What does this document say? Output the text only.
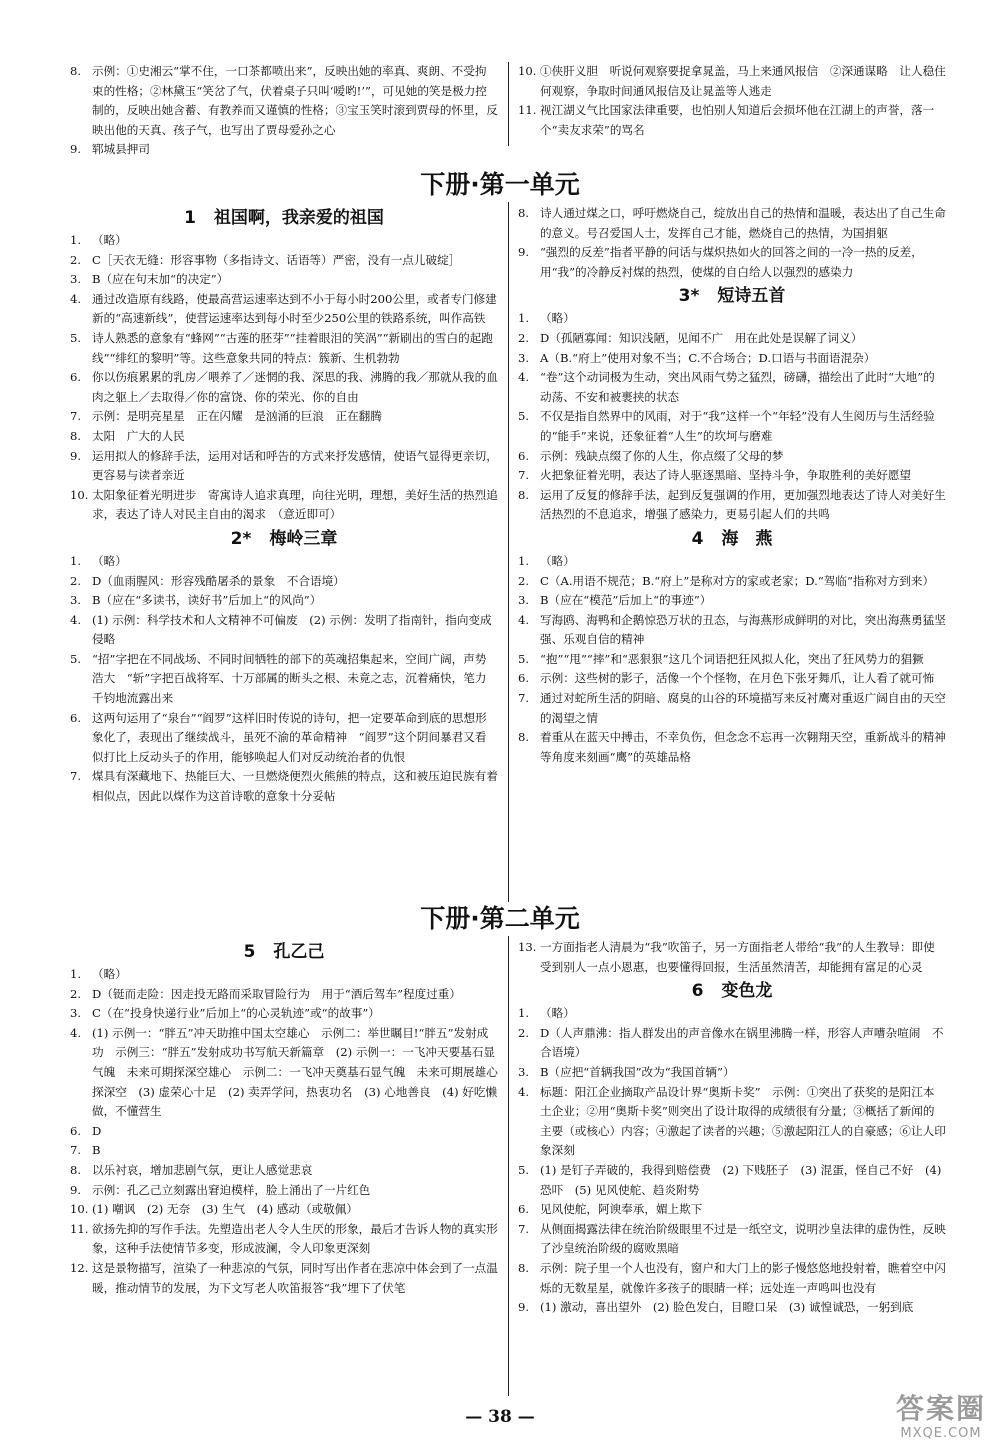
8. 示例：①史湘云“掌不住，一口茶都喷出来”，反映出她的率真、爽朗、不受拘束的性格；②林黛玉“笑岔了气，伏着桌子只叫‘嗳哟!’”，可见她的笑是极力控制的，反映出她含蓄、有教养而又谨慎的性格；③宝玉笑时滚到贾母的怀里，反映出他的天真、孩子气，也写出了贾母爱孙之心
9. 郓城县押司
10. ①侠肝义胆　听说何观察要捉拿晁盖，马上来通风报信　②深通谋略　让人稳住何观察，争取时间通风报信及让晁盖等人逃走
11. 视江湖义气比国家法律重要，也怕别人知道后会损坏他在江湖上的声誉，落一个“卖友求荣”的骂名
下册·第一单元
1 祖国啊，我亲爱的祖国
1. （略）
2. C［天衣无缝：形容事物（多指诗文、话语等）严密，没有一点儿破绽］
3. B（应在句末加“的决定”）
4. 通过改造原有线路，使最高营运速率达到不小于每小时200公里，或者专门修建新的“高速新线”，使营运速率达到每小时至少250公里的铁路系统，叫作高铁
5. 诗人熟悉的意象有“蜂网”“古莲的胚芽”“挂着眼泪的笑涡”“新刷出的雪白的起跑线”“绯红的黎明”等。这些意象共同的特点：簇新、生机勃勃
6. 你以伤痕累累的乳房／喂养了／迷惘的我、深思的我、沸腾的我／那就从我的血肉之躯上／去取得／你的富饶、你的荣光、你的自由
7. 示例：是明亮星星　正在闪耀　是汹涌的巨浪　正在翻腾
8. 太阳　广大的人民
9. 运用拟人的修辞手法，运用对话和呼告的方式来抒发感情，使语气显得更亲切，更容易与读者亲近
10. 太阳象征着光明进步　寄寓诗人追求真理，向往光明，理想，美好生活的热烈追求，表达了诗人对民主自由的渴求　（意近即可）
2* 梅岭三章
1. （略）
2. D（血雨腥风：形容残酷屠杀的景象　不合语境）
3. B（应在“多读书，读好书”后加上“的风尚”）
4. (1) 示例：科学技术和人文精神不可偏废　(2) 示例：发明了指南针，指向变成侵略
5. “招”字把在不同战场、不同时间牺牲的部下的英魂招集起来，空间广阔，声势浩大　“斩”字把百战将军、十万部属的断头之根、未竟之志，沉着痛快，笔力千钧地流露出来
6. 这两句运用了“泉台”“阎罗”这样旧时传说的诗句，把一定要革命到底的思想形象化了，表现出了继续战斗，虽死不渝的革命精神　“阎罗”这个阴间暴君又看似打比上反动头子的作用，能够唤起人们对反动统治者的仇恨
7. 煤具有深藏地下、热能巨大、一旦燃烧便烈火熊熊的特点，这和被压迫民族有着相似点，因此以煤作为这首诗歌的意象十分妥帖
8. 诗人通过煤之口，呼吁燃烧自己，绽放出自己的热情和温暖，表达出了自己生命的意义。号召爱国人士，发挥自己才能，燃烧自己的热情，为国捐躯
9. “强烈的反差”指者平静的问话与煤炽热如火的回答之间的一冷一热的反差，用“我”的冷静反衬煤的热烈，使煤的自白给人以强烈的感染力
3* 短诗五首
1. （略）
2. D（孤陋寡闻：知识浅陋，见闻不广　用在此处是误解了词义）
3. A（B.“府上”使用对象不当；C.不合场合；D.口语与书面语混杂）
4. “卷”这个动词极为生动，突出风雨气势之猛烈，磅礴，描绘出了此时“大地”的动荡、不安和被裹挟的状态
5. 不仅是指自然界中的风雨，对于“我”这样一个“年轻”没有人生阅历与生活经验的“能手”来说，还象征着“人生”的坎坷与磨难
6. 示例：残缺点缀了你的人生，你点缀了父母的梦
7. 火把象征着光明，表达了诗人驱逐黑暗、坚持斗争，争取胜利的美好愿望
8. 运用了反复的修辞手法，起到反复强调的作用，更加强烈地表达了诗人对美好生活热烈的不息追求，增强了感染力，更易引起人们的共鸣
4 海　燕
1. （略）
2. C（A.用语不规范；B.“府上”是称对方的家或老家；D.“驾临”指称对方到来）
3. B（应在“模范”后加上“的事迹”）
4. 写海鸥、海鸭和企鹅惊恐万状的丑态，与海燕形成鲜明的对比，突出海燕勇猛坚强、乐观自信的精神
5. “抱”“甩”“摔”和“恶狠狠”这几个词语把狂风拟人化，突出了狂风势力的猖獗
6. 示例：这些树的影子，活像一个个怪物，在月色下张牙舞爪，让人看了就可怖
7. 通过对蛇所生活的阴暗、腐臭的山谷的环境描写来反衬鹰对重返广阔自由的天空的渴望之情
8. 着重从在蓝天中搏击，不幸负伤，但念念不忘再一次翱翔天空，重新战斗的精神等角度来刻画“鹰”的英雄品格
下册·第二单元
5 孔乙己
1. （略）
2. D（铤而走险：因走投无路而采取冒险行为　用于“酒后驾车”程度过重）
3. C（在“投身快递行业”后加上“的心灵轨迹”或“的故事”）
4. (1) 示例一：“胖五”冲天助推中国太空雄心　示例二：举世瞩目!“胖五”发射成功　示例三：“胖五”发射成功书写航天新篇章　(2) 示例一：一飞冲天要基石显气魄　未来可期探深空雄心　示例二：一飞冲天奠基石显气魄　未来可期展雄心探深空　(3) 虚荣心十足　(2) 卖弄学问，热衷功名　(3) 心地善良　(4) 好吃懒做，不懂营生
6. D
7. B
8. 以乐衬哀，增加悲剧气氛，更让人感觉悲哀
9. 示例：孔乙己立刻露出窘迫模样，脸上涌出了一片红色
10. (1) 嘲讽　(2) 无奈　(3) 生气　(4) 感动（或敬佩）
11. 欲扬先抑的写作手法。先塑造出老人令人生厌的形象，最后才告诉人物的真实形象，这种手法使情节多变，形成波澜，令人印象更深刻
12. 这是景物描写，渲染了一种悲凉的气氛，同时写出作者在悲凉中体会到了一点温暖，推动情节的发展，为下文写老人吹笛报答“我”埋下了伏笔
13. 一方面指老人清晨为“我”吹笛子，另一方面指老人带给“我”的人生教导：即使受到别人一点小恩惠，也要懂得回报，生活虽然清苦，却能拥有富足的心灵
6 变色龙
1. （略）
2. D（人声鼎沸：指人群发出的声音像水在锅里沸腾一样，形容人声嘈杂喧闹　不合语境）
3. B（应把“首辆我国”改为“我国首辆”）
4. 标题：阳江企业摘取产品设计界“奥斯卡奖”　示例：①突出了获奖的是阳江本土企业；②用“奥斯卡奖”则突出了设计取得的成绩很有分量；③概括了新闻的主要（或核心）内容；④激起了读者的兴趣；⑤激起阳江人的自豪感；⑥让人印象深刻
5. (1) 是钉子弄破的，我得到赔偿费　(2) 下贱胚子　(3) 混蛋，怪自己不好　(4) 恐吓　(5) 见风使舵、趋炎附势
6. 见风使舵，阿谀奉承，媚上欺下
7. 从侧面揭露法律在统治阶级眼里不过是一纸空文，说明沙皇法律的虚伪性，反映了沙皇统治阶级的腐败黑暗
8. 示例：院子里一个人也没有，窗户和大门上的影子慢悠悠地投射着，瞧着空中闪烁的无数星星，就像许多孩子的眼睛一样；远处连一声鸣叫也没有
9. (1) 激动，喜出望外　(2) 脸色发白，目瞪口呆　(3) 诚惶诚恐，一躬到底
— 38 —	答案圈
MXQE.COM
